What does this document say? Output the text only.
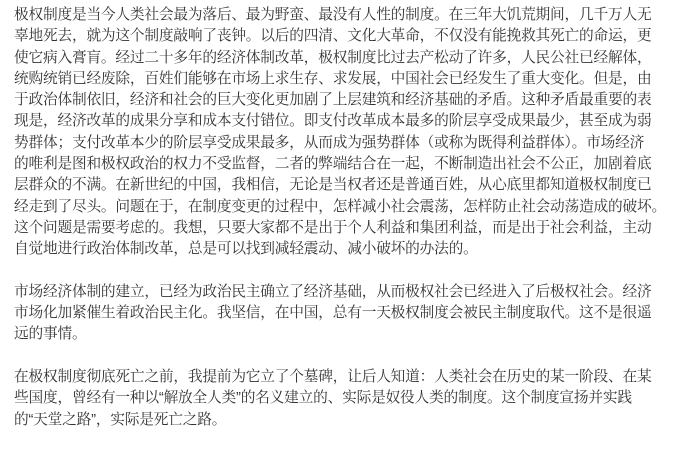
极权制度是当今人类社会最为落后、最为野蛮、最没有人性的制度。在三年大饥荒期间，几千万人无
辜地死去，就为这个制度敲响了丧钟。以后的四清、文化大革命，不仅没有能挽救其死亡的命运，更
使它病入膏肓。经过二十多年的经济体制改革，极权制度比过去产松动了许多，人民公社已经解体，
统购统销已经废除，百姓们能够在市场上求生存、求发展，中国社会已经发生了重大变化。但是，由
于政治体制依旧，经济和社会的巨大变化更加剧了上层建筑和经济基础的矛盾。这种矛盾最重要的表
现是，经济改革的成果分享和成本支付错位。即支付改革成本最多的阶层享受成果最少，甚至成为弱
势群体；支付改革本少的阶层享受成果最多，从而成为强势群体（或称为既得利益群体）。市场经济
的唯利是图和极权政治的权力不受监督，二者的弊端结合在一起，不断制造出社会不公正，加剧着底
层群众的不满。在新世纪的中国，我相信，无论是当权者还是普通百姓，从心底里都知道极权制度已
经走到了尽头。问题在于，在制度变更的过程中，怎样减小社会震荡，怎样防止社会动荡造成的破坏。
这个问题是需要考虑的。我想，只要大家都不是出于个人利益和集团利益，而是出于社会利益，主动
自觉地进行政治体制改革，总是可以找到减轻震动、减小破坏的办法的。
市场经济体制的建立，已经为政治民主确立了经济基础，从而极权社会已经进入了后极权社会。经济
市场化加紧催生着政治民主化。我坚信，在中国，总有一天极权制度会被民主制度取代。这不是很遥
远的事情。
在极权制度彻底死亡之前，我提前为它立了个墓碑，让后人知道：人类社会在历史的某一阶段、在某
些国度，曾经有一种以“解放全人类”的名义建立的、实际是奴役人类的制度。这个制度宣扬并实践
的“天堂之路”，实际是死亡之路。
